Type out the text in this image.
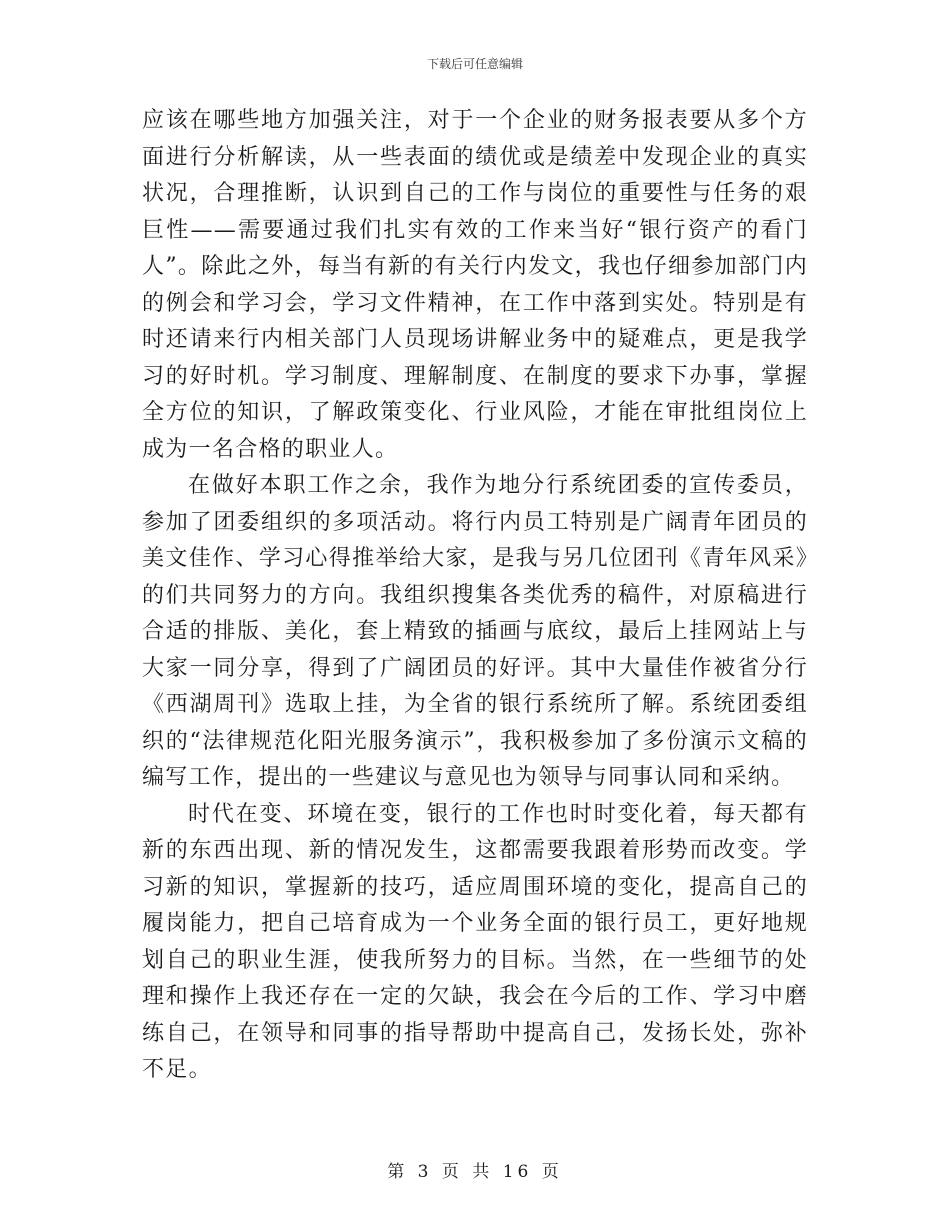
下载后可任意编辑

应该在哪些地方加强关注，对于一个企业的财务报表要从多个方面进行分析解读，从一些表面的绩优或是绩差中发现企业的真实状况，合理推断，认识到自己的工作与岗位的重要性与任务的艰巨性——需要通过我们扎实有效的工作来当好“银行资产的看门人”。除此之外，每当有新的有关行内发文，我也仔细参加部门内的例会和学习会，学习文件精神，在工作中落到实处。特别是有时还请来行内相关部门人员现场讲解业务中的疑难点，更是我学习的好时机。学习制度、理解制度、在制度的要求下办事，掌握全方位的知识，了解政策变化、行业风险，才能在审批组岗位上成为一名合格的职业人。

在做好本职工作之余，我作为地分行系统团委的宣传委员，参加了团委组织的多项活动。将行内员工特别是广阔青年团员的美文佳作、学习心得推举给大家，是我与另几位团刊《青年风采》的们共同努力的方向。我组织搜集各类优秀的稿件，对原稿进行合适的排版、美化，套上精致的插画与底纹，最后上挂网站上与大家一同分享，得到了广阔团员的好评。其中大量佳作被省分行《西湖周刊》选取上挂，为全省的银行系统所了解。系统团委组织的“法律规范化阳光服务演示”，我积极参加了多份演示文稿的编写工作，提出的一些建议与意见也为领导与同事认同和采纳。

时代在变、环境在变，银行的工作也时时变化着，每天都有新的东西出现、新的情况发生，这都需要我跟着形势而改变。学习新的知识，掌握新的技巧，适应周围环境的变化，提高自己的履岗能力，把自己培育成为一个业务全面的银行员工，更好地规划自己的职业生涯，使我所努力的目标。当然，在一些细节的处理和操作上我还存在一定的欠缺，我会在今后的工作、学习中磨练自己，在领导和同事的指导帮助中提高自己，发扬长处，弥补不足。

第 3 页 共 16 页
